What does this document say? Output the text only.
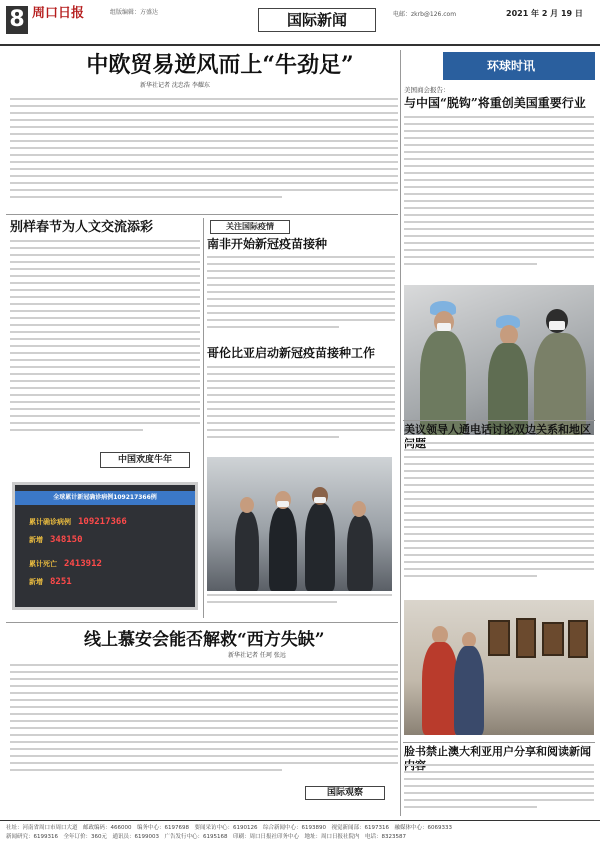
8 周口日报	组版编辑：方盛达	国际新闻	电邮：zkrb@126.com	2021 年 2 月 19 日
中欧贸易逆风而上“牛劲足”
新华社记者 沈忠浩 李耀东
别样春节为人文交流添彩
中国欢度牛年
全球累计新冠确诊病例109217366例
累计确诊病例　 109217366
新增　 348150
累计死亡　 2413912
新增　 8251
关注国际疫情
南非开始新冠疫苗接种
哥伦比亚启动新冠疫苗接种工作
环球时讯
美国商会报告：
与中国“脱钩”将重创美国重要行业
美议领导人通电话讨论双边关系和地区
脸书禁止澳大利亚用户分享和阅读新闻
线上慕安会能否解救“西方失缺”
新华社记者 任珂 张远
国际观察
社址：河南省周口市周口大道　邮政编码：466000　编务中心：6197698　要闻采访中心：6190126　综合新闻中心：6193890　视觉新闻部：6197316　融媒体中心：6069333
新闻研究：6199316　全年订价：360元　通讯员：6199003　广告发行中心：6195168　印刷：周口日报社印务中心　地址：周口日报社院内　电话：8323587
